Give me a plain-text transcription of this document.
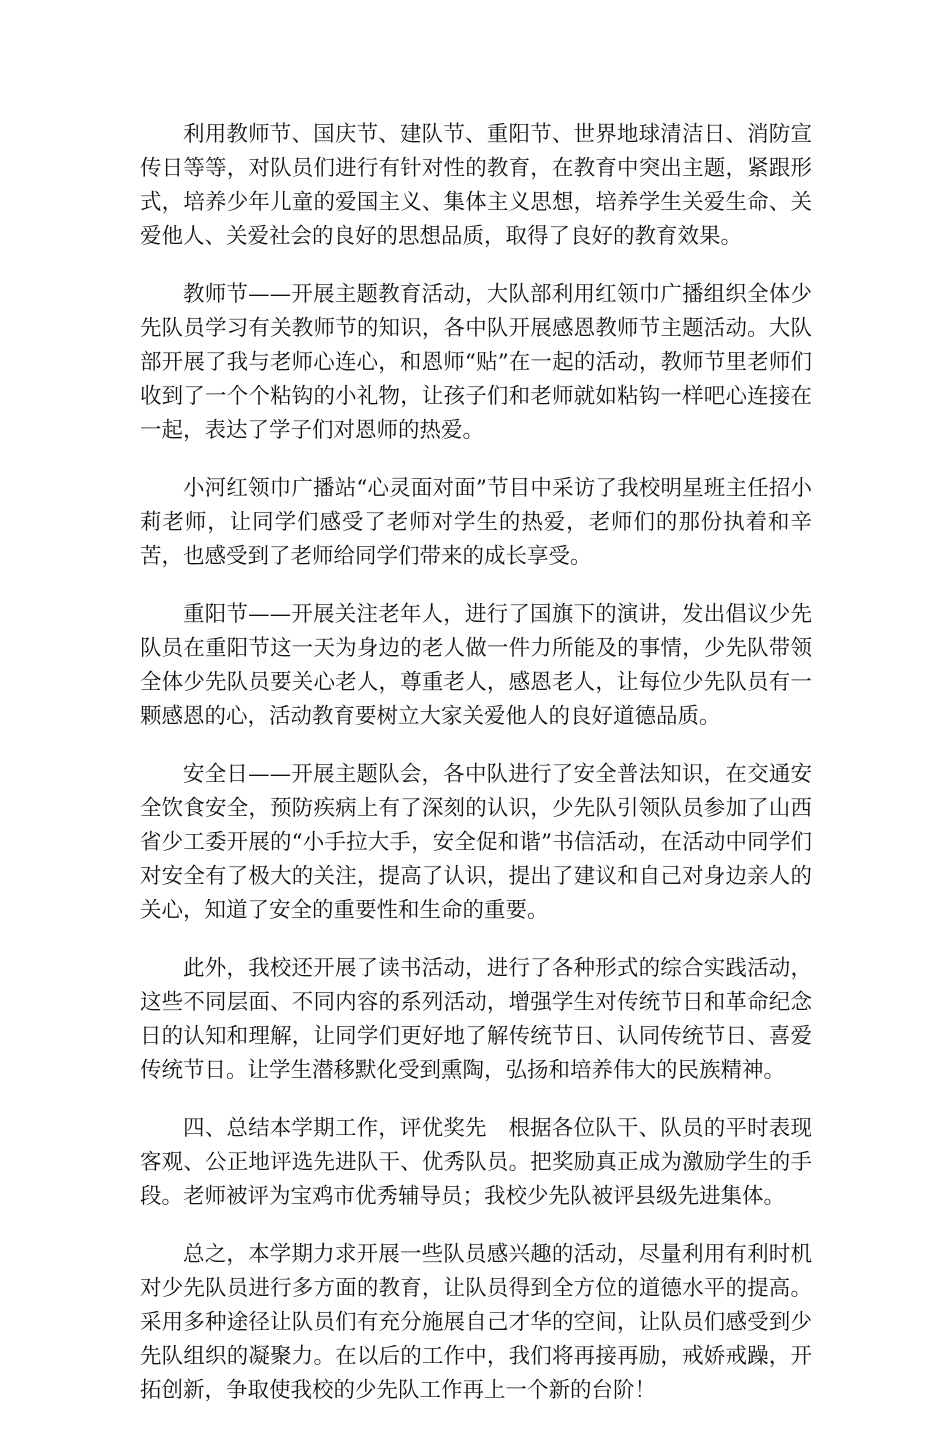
利用教师节、国庆节、建队节、重阳节、世界地球清洁日、消防宣传日等等，对队员们进行有针对性的教育，在教育中突出主题，紧跟形式，培养少年儿童的爱国主义、集体主义思想，培养学生关爱生命、关爱他人、关爱社会的良好的思想品质，取得了良好的教育效果。

教师节——开展主题教育活动，大队部利用红领巾广播组织全体少先队员学习有关教师节的知识，各中队开展感恩教师节主题活动。大队部开展了我与老师心连心，和恩师“贴”在一起的活动，教师节里老师们收到了一个个粘钩的小礼物，让孩子们和老师就如粘钩一样吧心连接在一起，表达了学子们对恩师的热爱。

小河红领巾广播站“心灵面对面”节目中采访了我校明星班主任招小莉老师，让同学们感受了老师对学生的热爱，老师们的那份执着和辛苦，也感受到了老师给同学们带来的成长享受。

重阳节——开展关注老年人，进行了国旗下的演讲，发出倡议少先队员在重阳节这一天为身边的老人做一件力所能及的事情，少先队带领全体少先队员要关心老人，尊重老人，感恩老人，让每位少先队员有一颗感恩的心，活动教育要树立大家关爱他人的良好道德品质。

安全日——开展主题队会，各中队进行了安全普法知识，在交通安全饮食安全，预防疾病上有了深刻的认识，少先队引领队员参加了山西省少工委开展的“小手拉大手，安全促和谐”书信活动，在活动中同学们对安全有了极大的关注，提高了认识，提出了建议和自己对身边亲人的关心，知道了安全的重要性和生命的重要。

此外，我校还开展了读书活动，进行了各种形式的综合实践活动，这些不同层面、不同内容的系列活动，增强学生对传统节日和革命纪念日的认知和理解，让同学们更好地了解传统节日、认同传统节日、喜爱传统节日。让学生潜移默化受到熏陶，弘扬和培养伟大的民族精神。

四、总结本学期工作，评优奖先　根据各位队干、队员的平时表现客观、公正地评选先进队干、优秀队员。把奖励真正成为激励学生的手段。老师被评为宝鸡市优秀辅导员；我校少先队被评县级先进集体。

总之，本学期力求开展一些队员感兴趣的活动，尽量利用有利时机对少先队员进行多方面的教育，让队员得到全方位的道德水平的提高。采用多种途径让队员们有充分施展自己才华的空间，让队员们感受到少先队组织的凝聚力。在以后的工作中，我们将再接再励，戒娇戒躁，开拓创新，争取使我校的少先队工作再上一个新的台阶！
